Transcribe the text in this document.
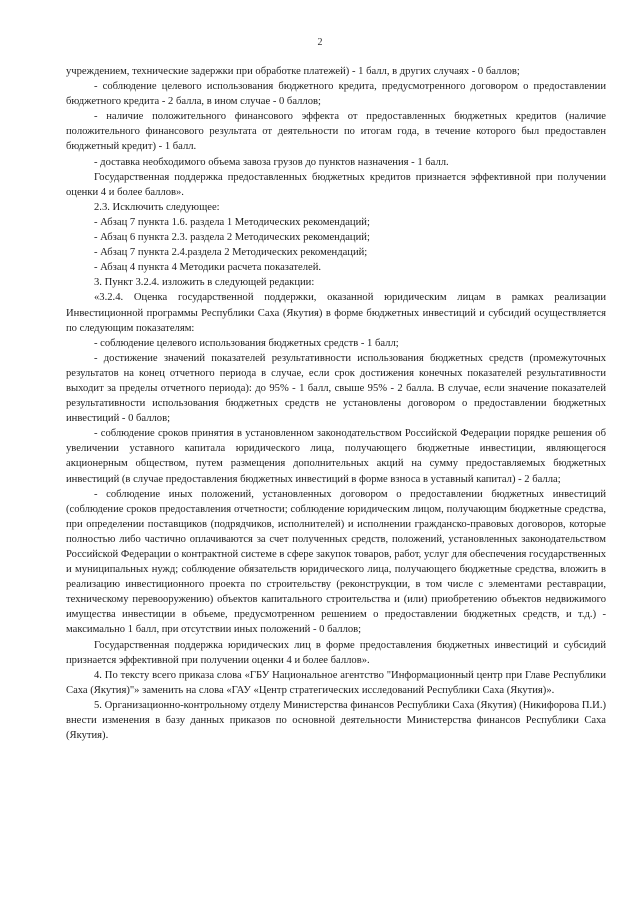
2

учреждением, технические задержки при обработке платежей) - 1 балл, в других случаях - 0 баллов;

- соблюдение целевого использования бюджетного кредита, предусмотренного договором о предоставлении бюджетного кредита - 2 балла, в ином случае - 0 баллов;

- наличие положительного финансового эффекта от предоставленных бюджетных кредитов (наличие положительного финансового результата от деятельности по итогам года, в течение которого был предоставлен бюджетный кредит) - 1 балл.

- доставка необходимого объема завоза грузов до пунктов назначения - 1 балл.

Государственная поддержка предоставленных бюджетных кредитов признается эффективной при получении оценки 4 и более баллов».

2.3. Исключить следующее:

- Абзац 7 пункта 1.6. раздела 1 Методических рекомендаций;

- Абзац 6 пункта 2.3. раздела 2 Методических рекомендаций;

- Абзац 7 пункта 2.4.раздела 2 Методических рекомендаций;

- Абзац 4 пункта 4 Методики расчета показателей.

3. Пункт 3.2.4. изложить в следующей редакции:

«3.2.4. Оценка государственной поддержки, оказанной юридическим лицам в рамках реализации Инвестиционной программы Республики Саха (Якутия) в форме бюджетных инвестиций и субсидий осуществляется по следующим показателям:

- соблюдение целевого использования бюджетных средств - 1 балл;

- достижение значений показателей результативности использования бюджетных средств (промежуточных результатов на конец отчетного периода в случае, если срок достижения конечных показателей результативности выходит за пределы отчетного периода): до 95% - 1 балл, свыше 95% - 2 балла. В случае, если значение показателей результативности использования бюджетных средств не установлены договором о предоставлении бюджетных инвестиций - 0 баллов;

- соблюдение сроков принятия в установленном законодательством Российской Федерации порядке решения об увеличении уставного капитала юридического лица, получающего бюджетные инвестиции, являющегося акционерным обществом, путем размещения дополнительных акций на сумму предоставляемых бюджетных инвестиций (в случае предоставления бюджетных инвестиций в форме взноса в уставный капитал) - 2 балла;

- соблюдение иных положений, установленных договором о предоставлении бюджетных инвестиций (соблюдение сроков предоставления отчетности; соблюдение юридическим лицом, получающим бюджетные средства, при определении поставщиков (подрядчиков, исполнителей) и исполнении гражданско-правовых договоров, которые полностью либо частично оплачиваются за счет полученных средств, положений, установленных законодательством Российской Федерации о контрактной системе в сфере закупок товаров, работ, услуг для обеспечения государственных и муниципальных нужд; соблюдение обязательств юридического лица, получающего бюджетные средства, вложить в реализацию инвестиционного проекта по строительству (реконструкции, в том числе с элементами реставрации, техническому перевооружению) объектов капитального строительства и (или) приобретению объектов недвижимого имущества инвестиции в объеме, предусмотренном решением о предоставлении бюджетных средств, и т.д.) - максимально 1 балл, при отсутствии иных положений - 0 баллов;

Государственная поддержка юридических лиц в форме предоставления бюджетных инвестиций и субсидий признается эффективной при получении оценки 4 и более баллов».

4. По тексту всего приказа слова «ГБУ Национальное агентство "Информационный центр при Главе Республики Саха (Якутия)"» заменить на слова «ГАУ «Центр стратегических исследований Республики Саха (Якутия)».

5. Организационно-контрольному отделу Министерства финансов Республики Саха (Якутия) (Никифорова П.И.) внести изменения в базу данных приказов по основной деятельности Министерства финансов Республики Саха (Якутия).
